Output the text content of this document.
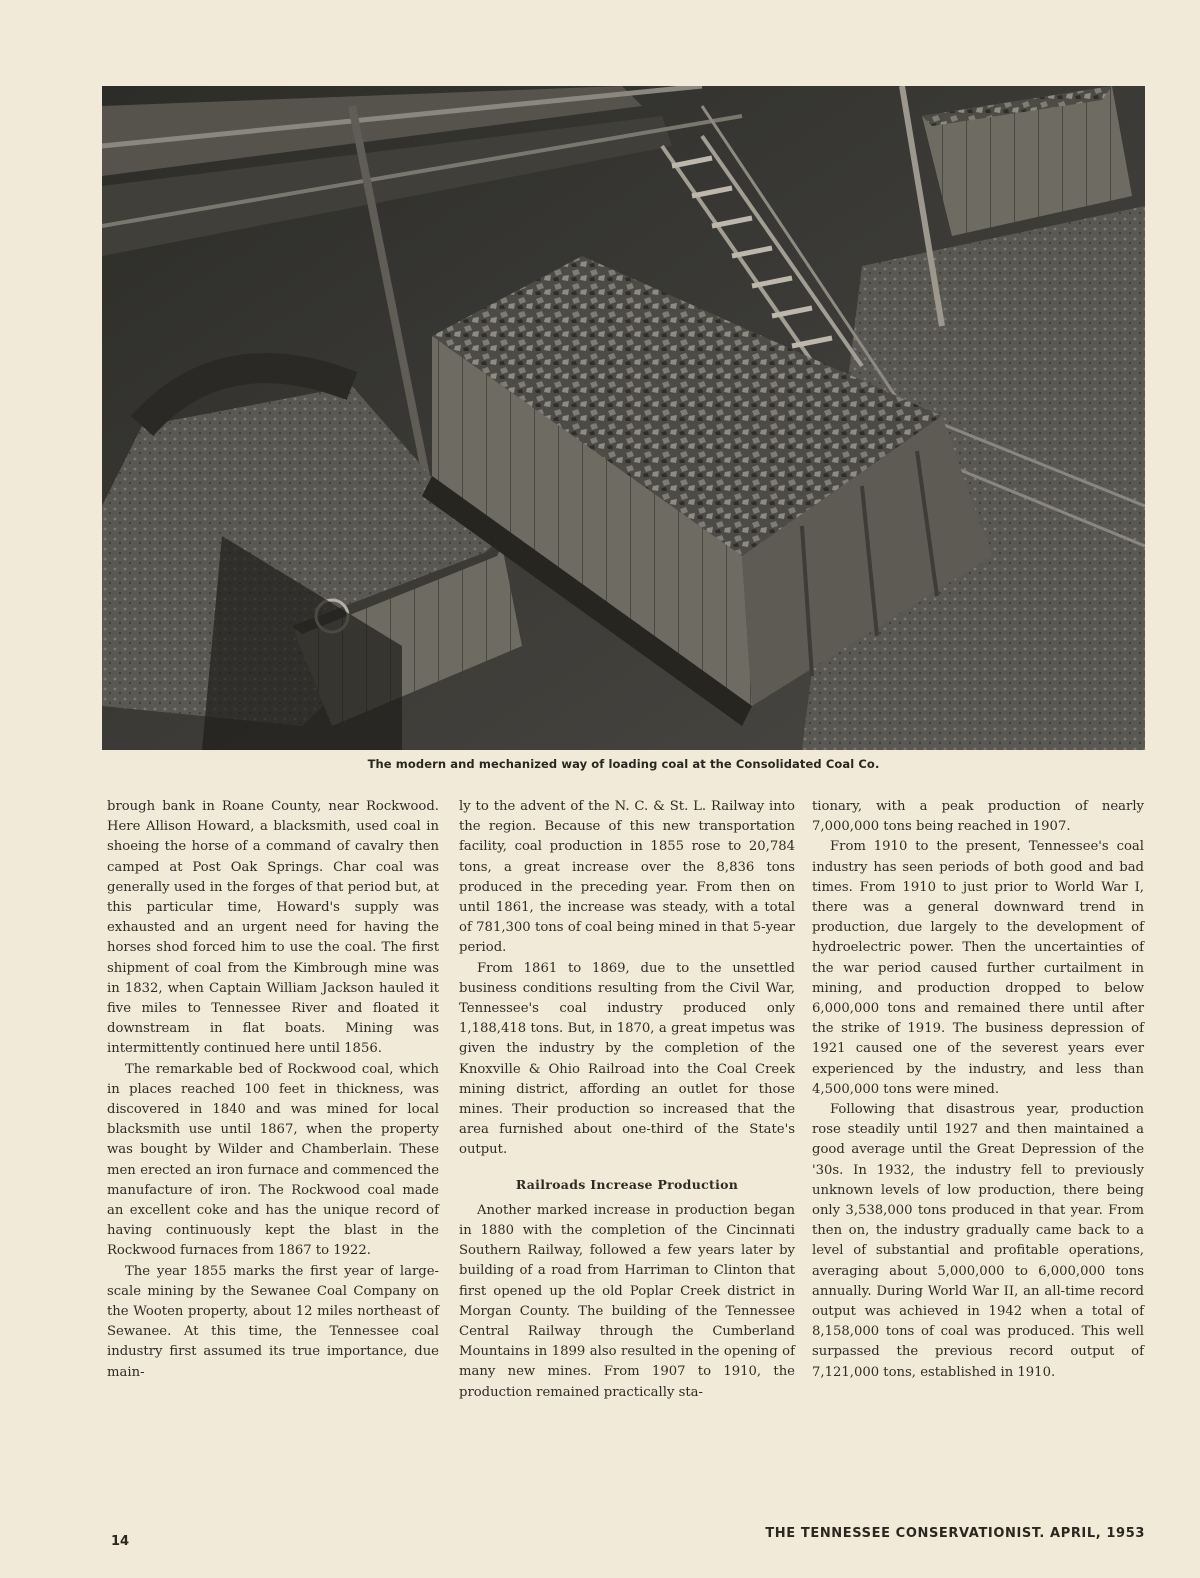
The modern and mechanized way of loading coal at the Consolidated Coal Co.

brough bank in Roane County, near Rockwood. Here Allison Howard, a blacksmith, used coal in shoeing the horse of a command of cavalry then camped at Post Oak Springs. Char coal was generally used in the forges of that period but, at this particular time, Howard's supply was exhausted and an urgent need for having the horses shod forced him to use the coal. The first shipment of coal from the Kimbrough mine was in 1832, when Captain William Jackson hauled it five miles to Tennessee River and floated it downstream in flat boats. Mining was intermittently continued here until 1856.

The remarkable bed of Rockwood coal, which in places reached 100 feet in thickness, was discovered in 1840 and was mined for local blacksmith use until 1867, when the property was bought by Wilder and Chamberlain. These men erected an iron furnace and commenced the manufacture of iron. The Rockwood coal made an excellent coke and has the unique record of having continuously kept the blast in the Rockwood furnaces from 1867 to 1922.

The year 1855 marks the first year of large-scale mining by the Sewanee Coal Company on the Wooten property, about 12 miles northeast of Sewanee. At this time, the Tennessee coal industry first assumed its true importance, due main-

ly to the advent of the N. C. & St. L. Railway into the region. Because of this new transportation facility, coal production in 1855 rose to 20,784 tons, a great increase over the 8,836 tons produced in the preceding year. From then on until 1861, the increase was steady, with a total of 781,300 tons of coal being mined in that 5-year period.

From 1861 to 1869, due to the unsettled business conditions resulting from the Civil War, Tennessee's coal industry produced only 1,188,418 tons. But, in 1870, a great impetus was given the industry by the completion of the Knoxville & Ohio Railroad into the Coal Creek mining district, affording an outlet for those mines. Their production so increased that the area furnished about one-third of the State's output.

Railroads Increase Production

Another marked increase in production began in 1880 with the completion of the Cincinnati Southern Railway, followed a few years later by building of a road from Harriman to Clinton that first opened up the old Poplar Creek district in Morgan County. The building of the Tennessee Central Railway through the Cumberland Mountains in 1899 also resulted in the opening of many new mines. From 1907 to 1910, the production remained practically sta-

tionary, with a peak production of nearly 7,000,000 tons being reached in 1907.

From 1910 to the present, Tennessee's coal industry has seen periods of both good and bad times. From 1910 to just prior to World War I, there was a general downward trend in production, due largely to the development of hydroelectric power. Then the uncertainties of the war period caused further curtailment in mining, and production dropped to below 6,000,000 tons and remained there until after the strike of 1919. The business depression of 1921 caused one of the severest years ever experienced by the industry, and less than 4,500,000 tons were mined.

Following that disastrous year, production rose steadily until 1927 and then maintained a good average until the Great Depression of the '30s. In 1932, the industry fell to previously unknown levels of low production, there being only 3,538,000 tons produced in that year. From then on, the industry gradually came back to a level of substantial and profitable operations, averaging about 5,000,000 to 6,000,000 tons annually. During World War II, an all-time record output was achieved in 1942 when a total of 8,158,000 tons of coal was produced. This well surpassed the previous record output of 7,121,000 tons, established in 1910.

14
THE TENNESSEE CONSERVATIONIST. APRIL, 1953
